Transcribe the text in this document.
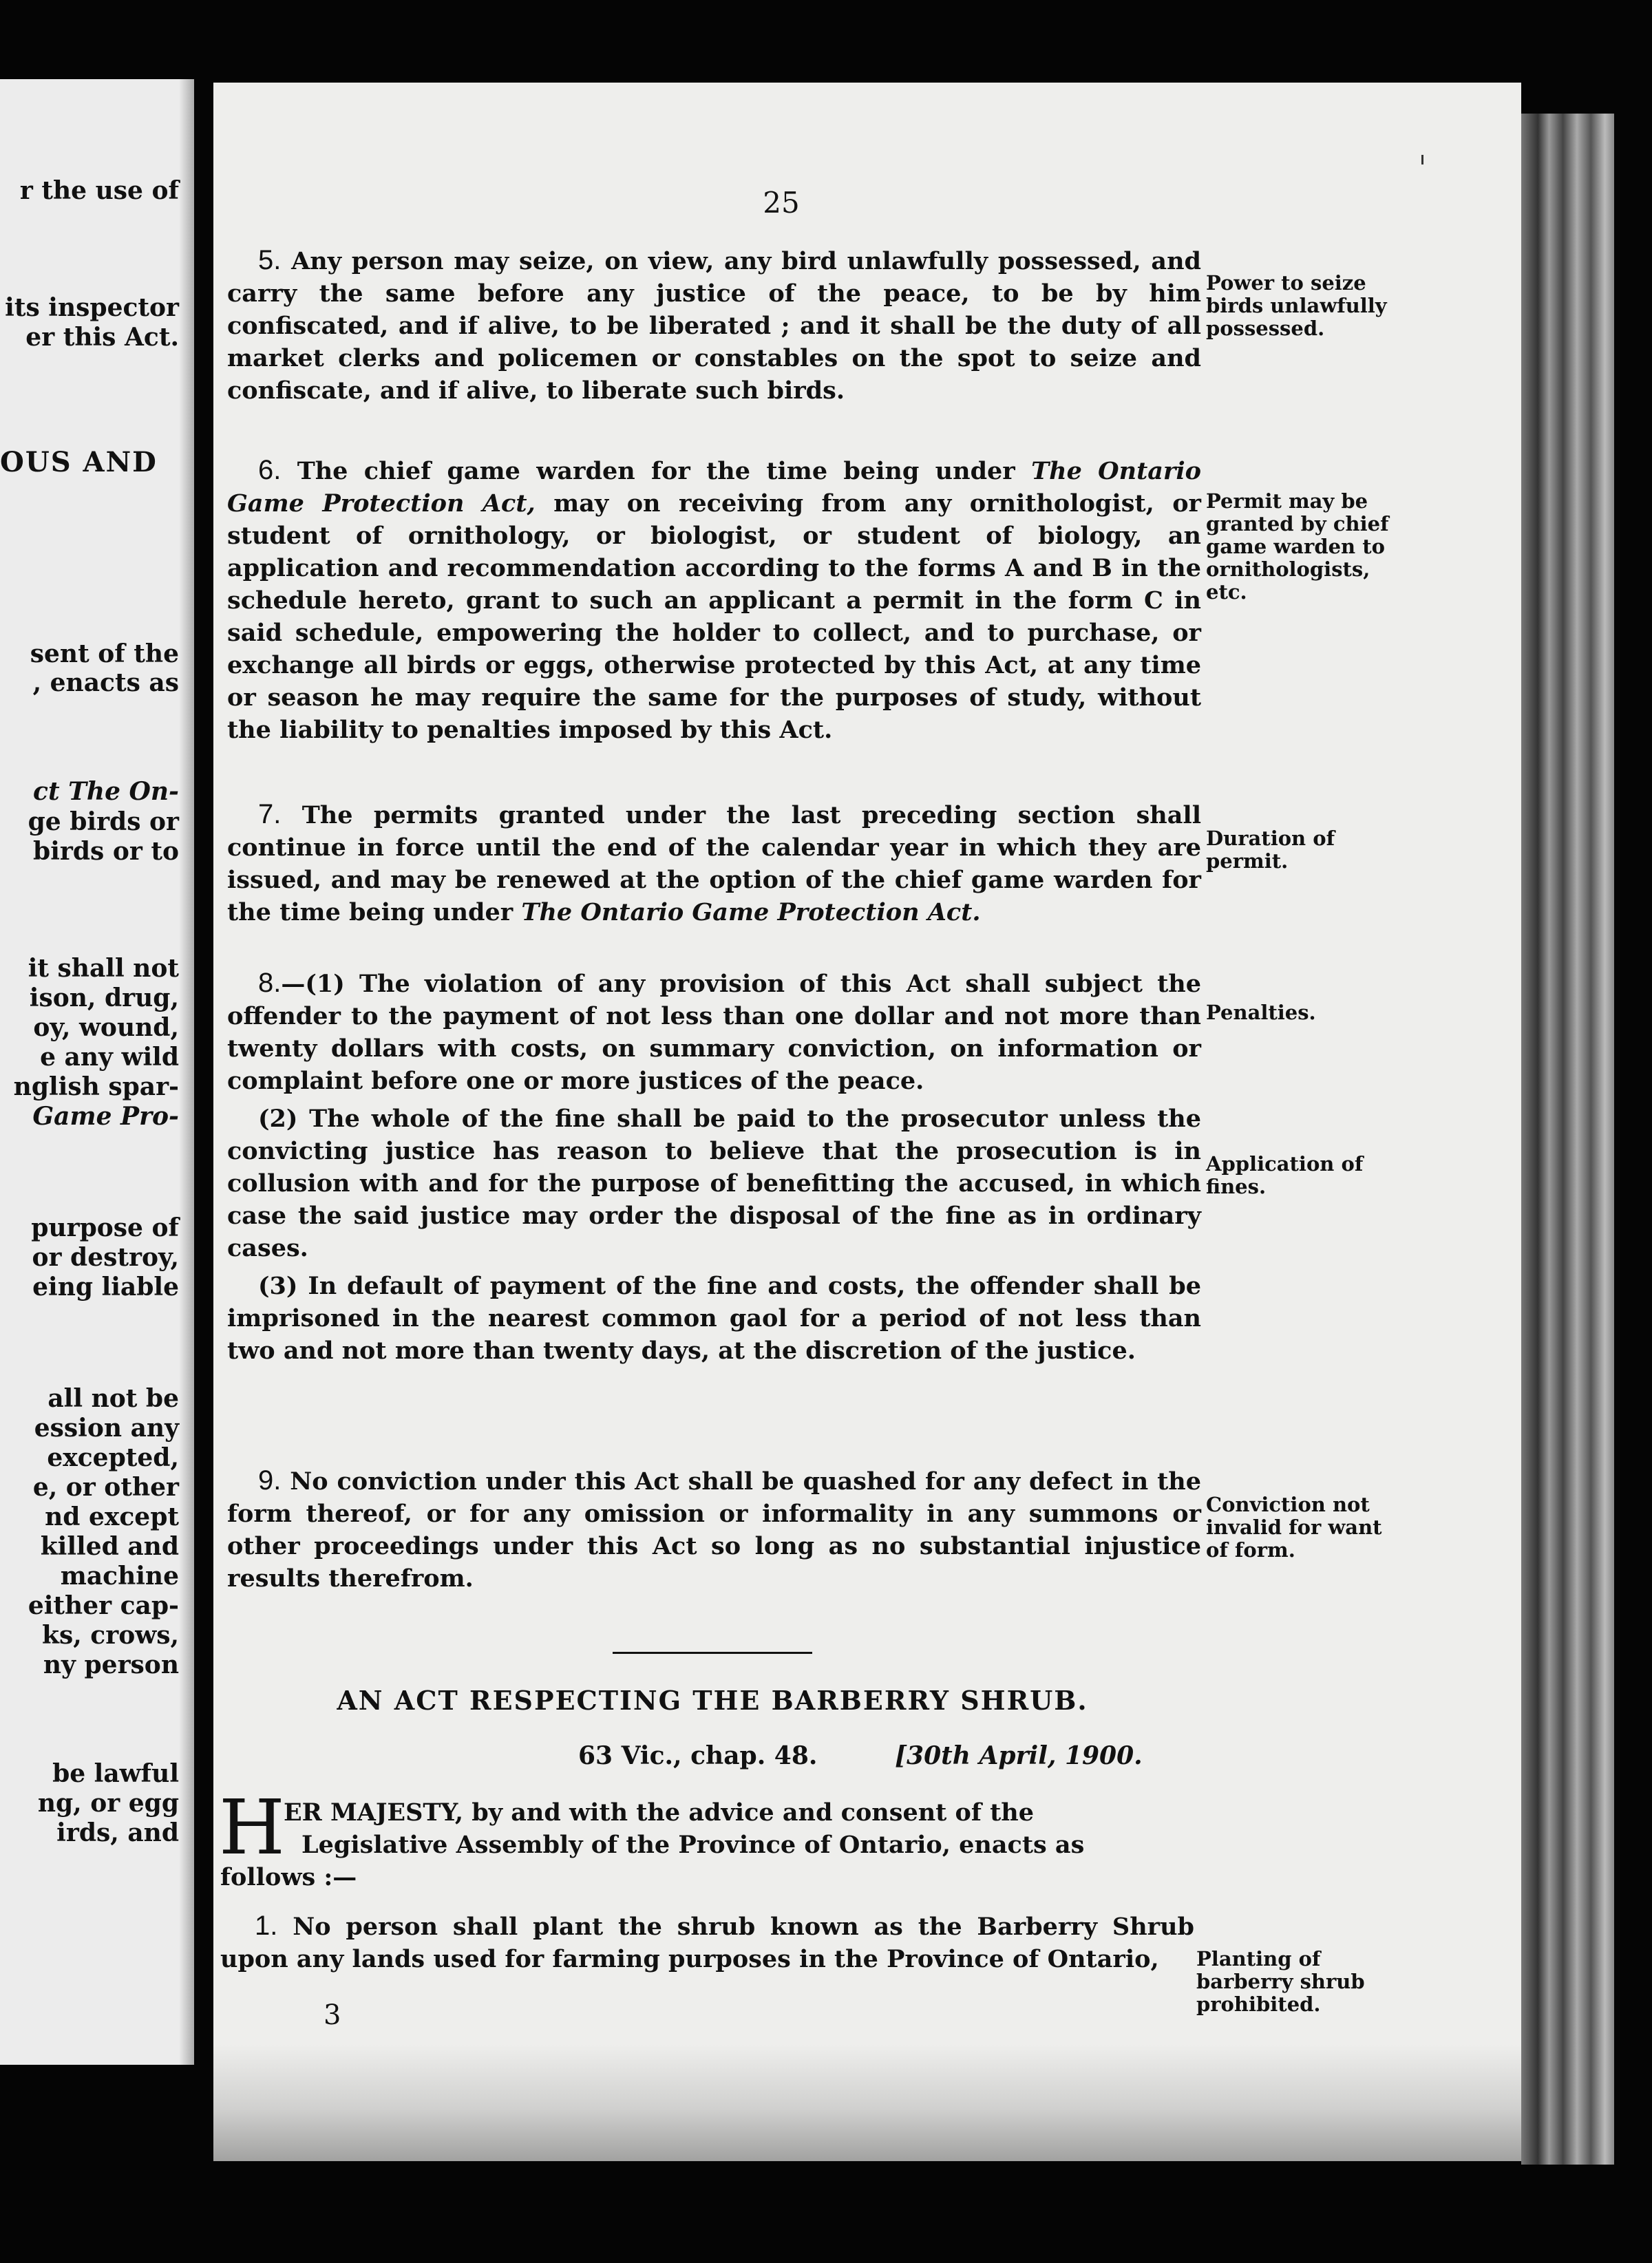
r the use of
its inspector
er this Act.
OUS AND
sent of the
, enacts as
ct The On-
ge birds or
birds or to
it shall not
ison, drug,
oy, wound,
e any wild
nglish spar-
Game Pro-
purpose of
or destroy,
eing liable
all not be
ession any
excepted,
e, or other
nd except
killed and
machine
either cap-
ks, crows,
ny person
be lawful
ng, or egg
irds, and
25

5. Any person may seize, on view, any bird unlawfully possessed, and carry the same before any justice of the peace, to be by him confiscated, and if alive, to be liberated ; and it shall be the duty of all market clerks and policemen or constables on the spot to seize and confiscate, and if alive, to liberate such birds.

Power to seize birds unlawfully possessed.

6. The chief game warden for the time being under The Ontario Game Protection Act, may on receiving from any ornithologist, or student of ornithology, or biologist, or student of biology, an application and recommendation according to the forms A and B in the schedule hereto, grant to such an applicant a permit in the form C in said schedule, empowering the holder to collect, and to purchase, or exchange all birds or eggs, otherwise protected by this Act, at any time or season he may require the same for the purposes of study, without the liability to penalties imposed by this Act.

Permit may be granted by chief game warden to ornithologists, etc.

7. The permits granted under the last preceding section shall continue in force until the end of the calendar year in which they are issued, and may be renewed at the option of the chief game warden for the time being under The Ontario Game Protection Act.

Duration of permit.

8.—(1) The violation of any provision of this Act shall subject the offender to the payment of not less than one dollar and not more than twenty dollars with costs, on summary conviction, on information or complaint before one or more justices of the peace.

(2) The whole of the fine shall be paid to the prosecutor unless the convicting justice has reason to believe that the prosecution is in collusion with and for the purpose of benefitting the accused, in which case the said justice may order the disposal of the fine as in ordinary cases.

(3) In default of payment of the fine and costs, the offender shall be imprisoned in the nearest common gaol for a period of not less than two and not more than twenty days, at the discretion of the justice.

Penalties.
Application of fines.

9. No conviction under this Act shall be quashed for any defect in the form thereof, or for any omission or informality in any summons or other proceedings under this Act so long as no substantial injustice results therefrom.

Conviction not invalid for want of form.
AN ACT RESPECTING THE BARBERRY SHRUB.
63 Vic., chap. 48.	[30th April, 1900.
H
ER MAJESTY, by and with the advice and consent of the
Legislative Assembly of the Province of Ontario, enacts as
follows :—

1. No person shall plant the shrub known as the Barberry Shrub upon any lands used for farming purposes in the Province of Ontario,	Planting of barberry shrub prohibited.
3
